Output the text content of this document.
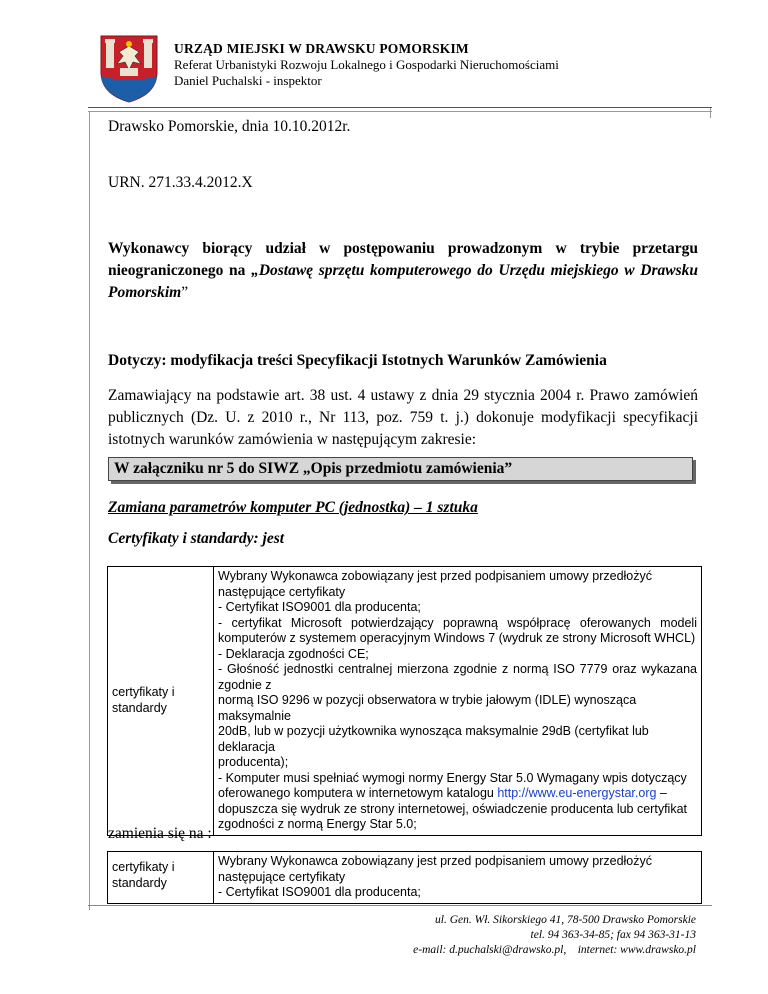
URZĄD MIEJSKI W DRAWSKU POMORSKIM
Referat Urbanistyki Rozwoju Lokalnego i Gospodarki Nieruchomościami
Daniel Puchalski - inspektor
Drawsko Pomorskie, dnia 10.10.2012r.
URN. 271.33.4.2012.X
Wykonawcy biorący udział w postępowaniu prowadzonym w trybie przetargu
nieograniczonego na „Dostawę sprzętu komputerowego do Urzędu miejskiego w Drawsku
Pomorskim”
Dotyczy: modyfikacja treści Specyfikacji Istotnych Warunków Zamówienia
Zamawiający na podstawie art. 38 ust. 4 ustawy z dnia 29 stycznia 2004 r. Prawo zamówień
publicznych (Dz. U. z 2010 r., Nr 113, poz. 759 t. j.) dokonuje modyfikacji specyfikacji
istotnych warunków zamówienia w następującym zakresie:
W załączniku nr 5 do SIWZ „Opis przedmiotu zamówienia”
Zamiana parametrów komputer PC (jednostka) – 1 sztuka
Certyfikaty i standardy: jest
certyfikaty i
standardy

Wybrany Wykonawca zobowiązany jest przed podpisaniem umowy przedłożyć
następujące certyfikaty
- Certyfikat ISO9001 dla producenta;
- certyfikat Microsoft potwierdzający poprawną współpracę oferowanych modeli
komputerów z systemem operacyjnym Windows 7 (wydruk ze strony Microsoft WHCL)
- Deklaracja zgodności CE;
- Głośność jednostki centralnej mierzona zgodnie z normą ISO 7779 oraz wykazana
zgodnie z
normą ISO 9296 w pozycji obserwatora w trybie jałowym (IDLE) wynosząca maksymalnie
20dB, lub w pozycji użytkownika wynosząca maksymalnie 29dB (certyfikat lub deklaracja
producenta);
- Komputer musi spełniać wymogi normy Energy Star 5.0 Wymagany wpis dotyczący
oferowanego komputera w internetowym katalogu http://www.eu-energystar.org –
dopuszcza się wydruk ze strony internetowej, oświadczenie producenta lub certyfikat
zgodności z normą Energy Star 5.0;
zamienia się na :
certyfikaty i
standardy

Wybrany Wykonawca zobowiązany jest przed podpisaniem umowy przedłożyć
następujące certyfikaty
- Certyfikat ISO9001 dla producenta;
ul. Gen. Wł. Sikorskiego 41, 78-500 Drawsko Pomorskie
tel. 94 363-34-85; fax 94 363-31-13
e-mail: d.puchalski@drawsko.pl,    internet: www.drawsko.pl
